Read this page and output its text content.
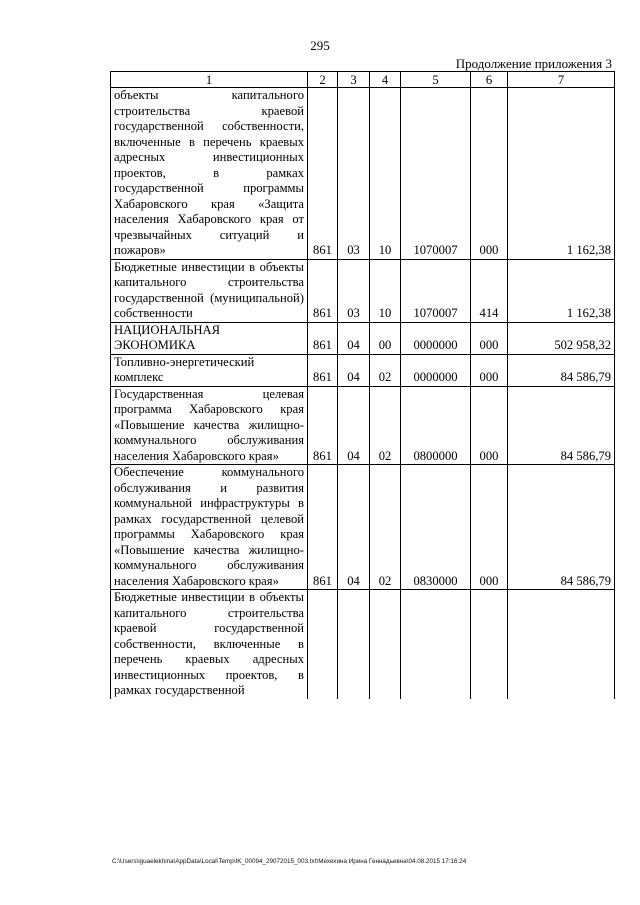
295
Продолжение приложения 3
1	2	3	4	5	6	7
объекты капитального строительства краевой государственной собственности, включенные в перечень краевых адресных инвестиционных проектов, в рамках государственной программы Хабаровского края «Защита населения Хабаровского края от чрезвычайных ситуаций и пожаров»	861	03	10	1070007	000	1 162,38
Бюджетные инвестиции в объекты капитального строительства государственной (муниципальной) собственности	861	03	10	1070007	414	1 162,38
НАЦИОНАЛЬНАЯ ЭКОНОМИКА	861	04	00	0000000	000	502 958,32
Топливно-энергетический комплекс	861	04	02	0000000	000	84 586,79
Государственная целевая программа Хабаровского края «Повышение качества жилищно-коммунального обслуживания населения Хабаровского края»	861	04	02	0800000	000	84 586,79
Обеспечение коммунального обслуживания и развития коммунальной инфраструктуры в рамках государственной целевой программы Хабаровского края «Повышение качества жилищно-коммунального обслуживания населения Хабаровского края»	861	04	02	0830000	000	84 586,79
Бюджетные инвестиции в объекты капитального строительства краевой государственной собственности, включенные в перечень краевых адресных инвестиционных проектов, в рамках государственной						
C:\Users\iguaelekhina\AppData\Local\Temp\IK_00094_29072015_003.txt\Мехехина Ирина Геннадьевна\04.08.2015 17:16:24
